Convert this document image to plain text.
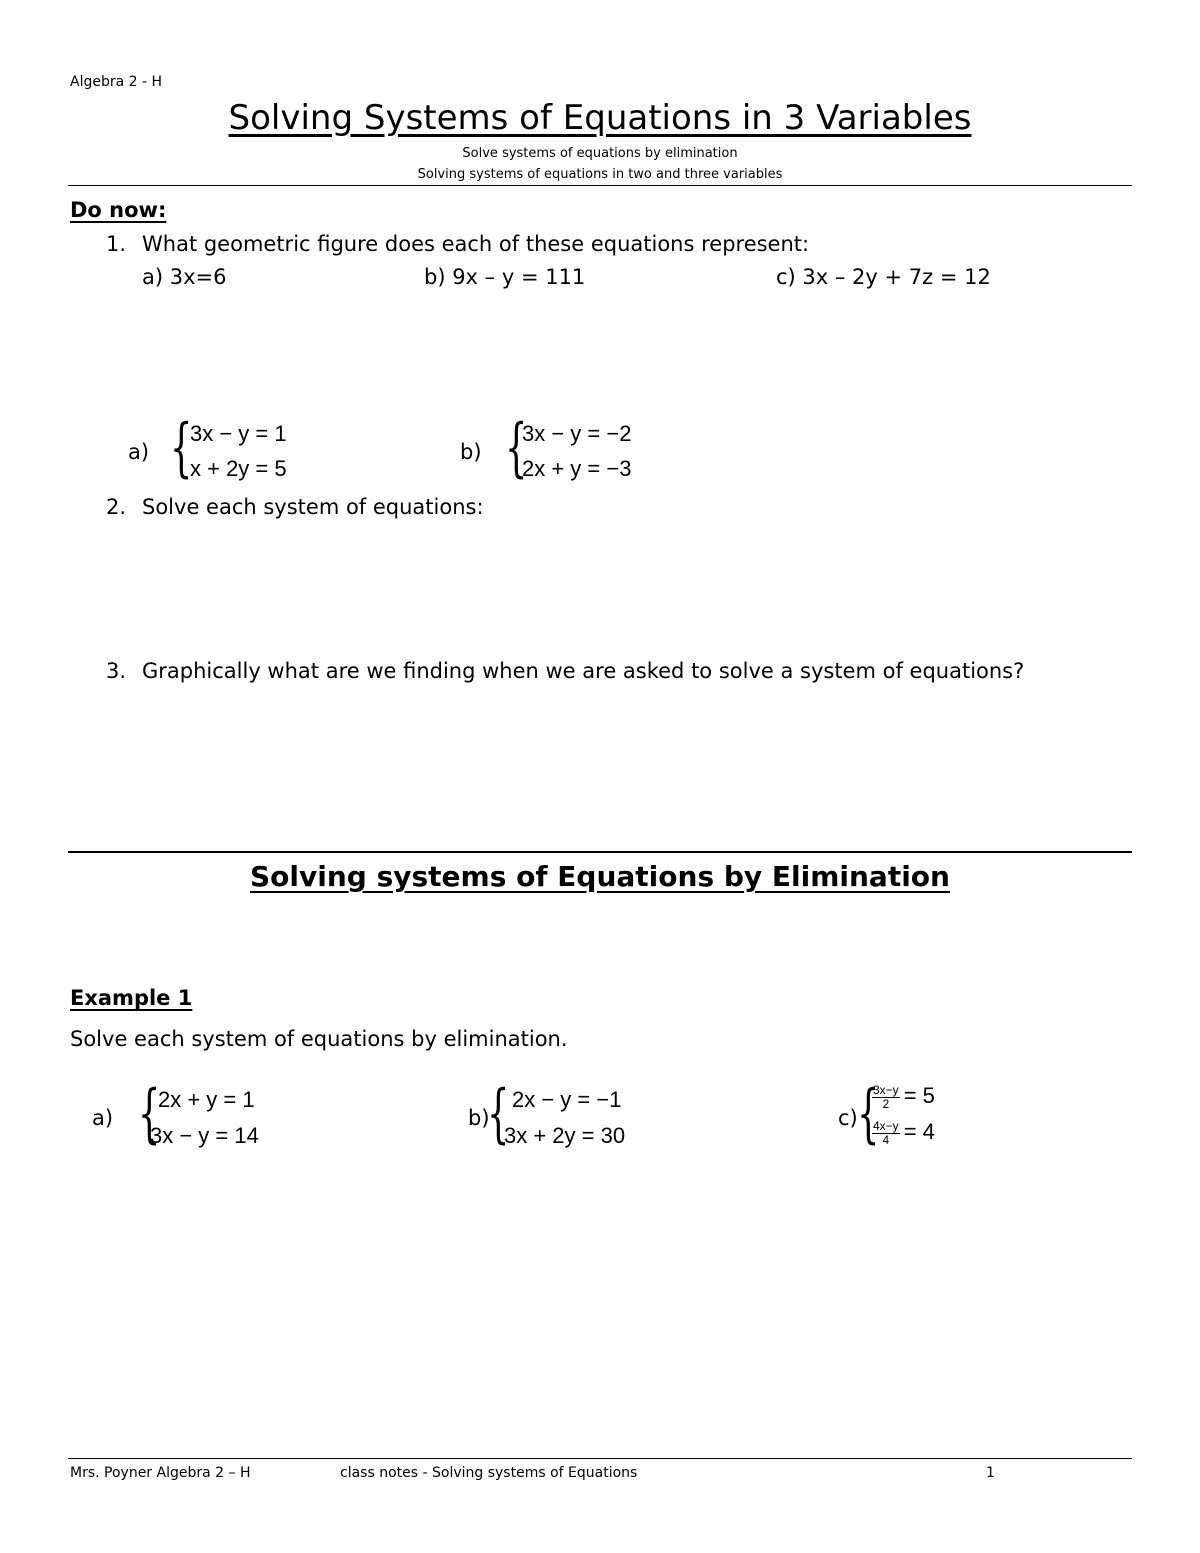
Algebra 2 - H
Solving Systems of Equations in 3 Variables
Solve systems of equations by elimination
Solving systems of equations in two and three variables
Do now:
1. What geometric figure does each of these equations represent:
a) 3x=6	b) 9x – y = 111	c) 3x – 2y + 7z = 12
a) {
3x − y = 1
x + 2y = 5
b) {
3x − y = −2
2x + y = −3
2. Solve each system of equations:
3. Graphically what are we finding when we are asked to solve a system of equations?
Solving systems of Equations by Elimination
Example 1
Solve each system of equations by elimination.
a) {
2x + y = 1
3x − y = 14
b)
{ 2x − y = −1
3x + 2y = 30
c) {
$\frac{3x-y}{2} = 5$
$\frac{4x-y}{4} = 4$
Mrs. Poyner Algebra 2 – H	class notes - Solving systems of Equations	1
